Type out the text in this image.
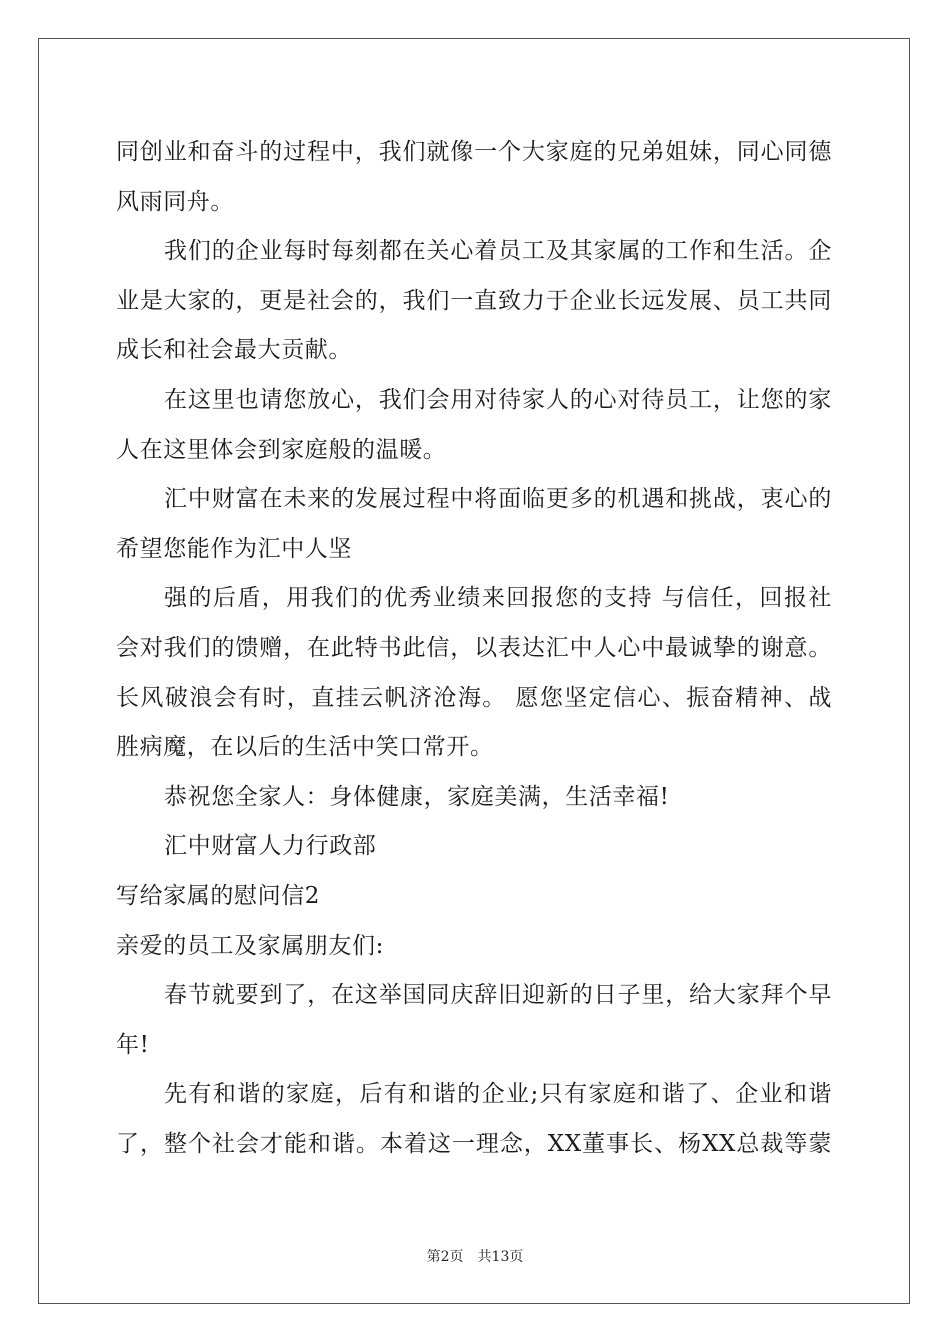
同创业和奋斗的过程中，我们就像一个大家庭的兄弟姐妹，同心同德
风雨同舟。
我们的企业每时每刻都在关心着员工及其家属的工作和生活。企
业是大家的，更是社会的，我们一直致力于企业长远发展、员工共同
成长和社会最大贡献。
在这里也请您放心，我们会用对待家人的心对待员工，让您的家
人在这里体会到家庭般的温暖。
汇中财富在未来的发展过程中将面临更多的机遇和挑战，衷心的
希望您能作为汇中人坚
强的后盾，用我们的优秀业绩来回报您的支持 与信任，回报社
会对我们的馈赠，在此特书此信，以表达汇中人心中最诚挚的谢意。
长风破浪会有时，直挂云帆济沧海。 愿您坚定信心、振奋精神、战
胜病魔，在以后的生活中笑口常开。
恭祝您全家人：身体健康，家庭美满，生活幸福!
汇中财富人力行政部
写给家属的慰问信2
亲爱的员工及家属朋友们:
春节就要到了，在这举国同庆辞旧迎新的日子里，给大家拜个早
年!
先有和谐的家庭，后有和谐的企业;只有家庭和谐了、企业和谐
了，整个社会才能和谐。本着这一理念，XX董事长、杨XX总裁等蒙
第2页　共13页
